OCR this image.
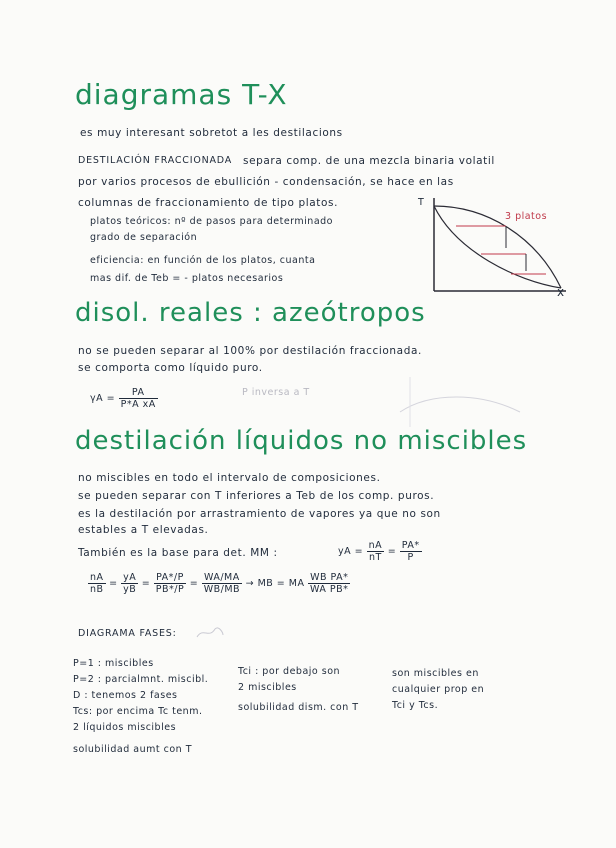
diagramas T-X
es muy interesant sobretot a les destilacions
DESTILACIÓN FRACCIONADA separa comp. de una mezcla binaria volatil
por varios procesos de ebullición - condensación, se hace en las
columnas de fraccionamiento de tipo platos.
platos teóricos: nº de pasos para determinado
grado de separación
eficiencia: en función de los platos, cuanta
mas dif. de Teb = - platos necesarios
T
3 platos
x
disol. reales : azeótropos
no se pueden separar al 100% por destilación fraccionada.
se comporta como líquido puro.
$\gamma A = \frac{PA}{\text{P*A xA}}$	P inversa a T
destilación líquidos no miscibles
no miscibles en todo el intervalo de composiciones.
se pueden separar con T inferiores a Teb de los comp. puros.
es la destilación por arrastramiento de vapores ya que no son
estables a T elevadas.
También es la base para det. MM :	yA = $\frac{nA}{nT} = \frac{PA*}{P}$
$\frac{nA}{nB} = \frac{yA}{yB} = \frac{PA*/P}{PB*/P} = \frac{WA/MA}{WB/MB}$ → MB = MA $\frac{\text{WB PA*}}{\text{WA PB*}}$
DIAGRAMA FASES:
P=1 : miscibles
P=2 : parcialmnt. miscibl.
D : tenemos 2 fases
Tcs: por encima Tc tenm.
2 líquidos miscibles
solubilidad aumt con T
Tci : por debajo son
2 miscibles
solubilidad dism. con T
son miscibles en
cualquier prop en
Tci y Tcs.
